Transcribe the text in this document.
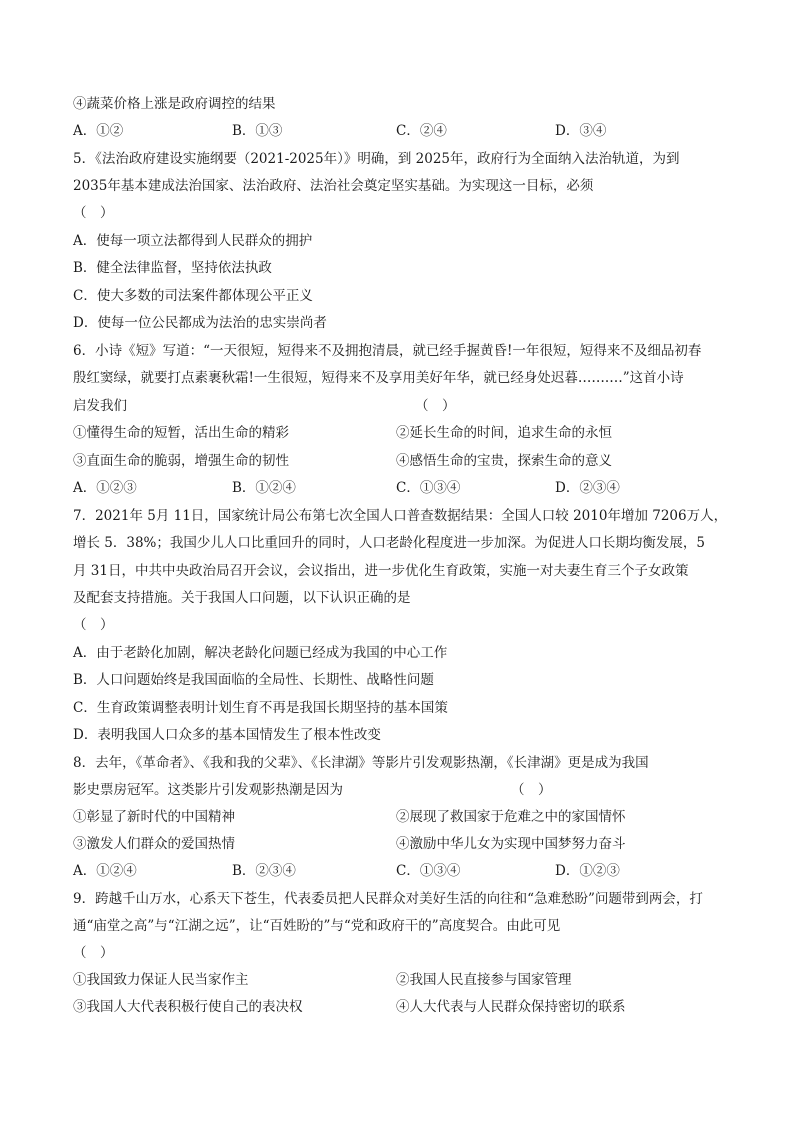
④蔬菜价格上涨是政府调控的结果
A．①②	B．①③	C．②④	D．③④
5．《法治政府建设实施纲要（2021-2025年）》明确，到 2025年，政府行为全面纳入法治轨道，为到
2035年基本建成法治国家、法治政府、法治社会奠定坚实基础。为实现这一目标，必须
（　）
A．使每一项立法都得到人民群众的拥护
B．健全法律监督，坚持依法执政
C．使大多数的司法案件都体现公平正义
D．使每一位公民都成为法治的忠实崇尚者
6．小诗《短》写道：“一天很短，短得来不及拥抱清晨，就已经手握黄昏!一年很短，短得来不及细品初春
殷红窦绿，就要打点素裹秋霜!一生很短，短得来不及享用美好年华，就已经身处迟暮…….…”这首小诗
启发我们	（　）
①懂得生命的短暂，活出生命的精彩	②延长生命的时间，追求生命的永恒
③直面生命的脆弱，增强生命的韧性	④感悟生命的宝贵，探索生命的意义
A．①②③	B．①②④	C．①③④	D．②③④
7．2021年 5月 11日，国家统计局公布第七次全国人口普查数据结果：全国人口较 2010年增加 7206万人，
增长 5．38%；我国少儿人口比重回升的同时，人口老龄化程度进一步加深。为促进人口长期均衡发展，5
月 31日，中共中央政治局召开会议，会议指出，进一步优化生育政策，实施一对夫妻生育三个子女政策
及配套支持措施。关于我国人口问题，以下认识正确的是
（　）
A．由于老龄化加剧，解决老龄化问题已经成为我国的中心工作
B．人口问题始终是我国面临的全局性、长期性、战略性问题
C．生育政策调整表明计划生育不再是我国长期坚持的基本国策
D．表明我国人口众多的基本国情发生了根本性改变
8．去年，《革命者》、《我和我的父辈》、《长津湖》等影片引发观影热潮，《长津湖》更是成为我国
影史票房冠军。这类影片引发观影热潮是因为	（　）
①彰显了新时代的中国精神	②展现了救国家于危难之中的家国情怀
③激发人们群众的爱国热情	④激励中华儿女为实现中国梦努力奋斗
A．①②④	B．②③④	C．①③④	D．①②③
9．跨越千山万水，心系天下苍生，代表委员把人民群众对美好生活的向往和“急难愁盼”问题带到两会，打
通“庙堂之高”与“江湖之远”，让“百姓盼的”与“党和政府干的”高度契合。由此可见
（　）
①我国致力保证人民当家作主	②我国人民直接参与国家管理
③我国人大代表积极行使自己的表决权	④人大代表与人民群众保持密切的联系
